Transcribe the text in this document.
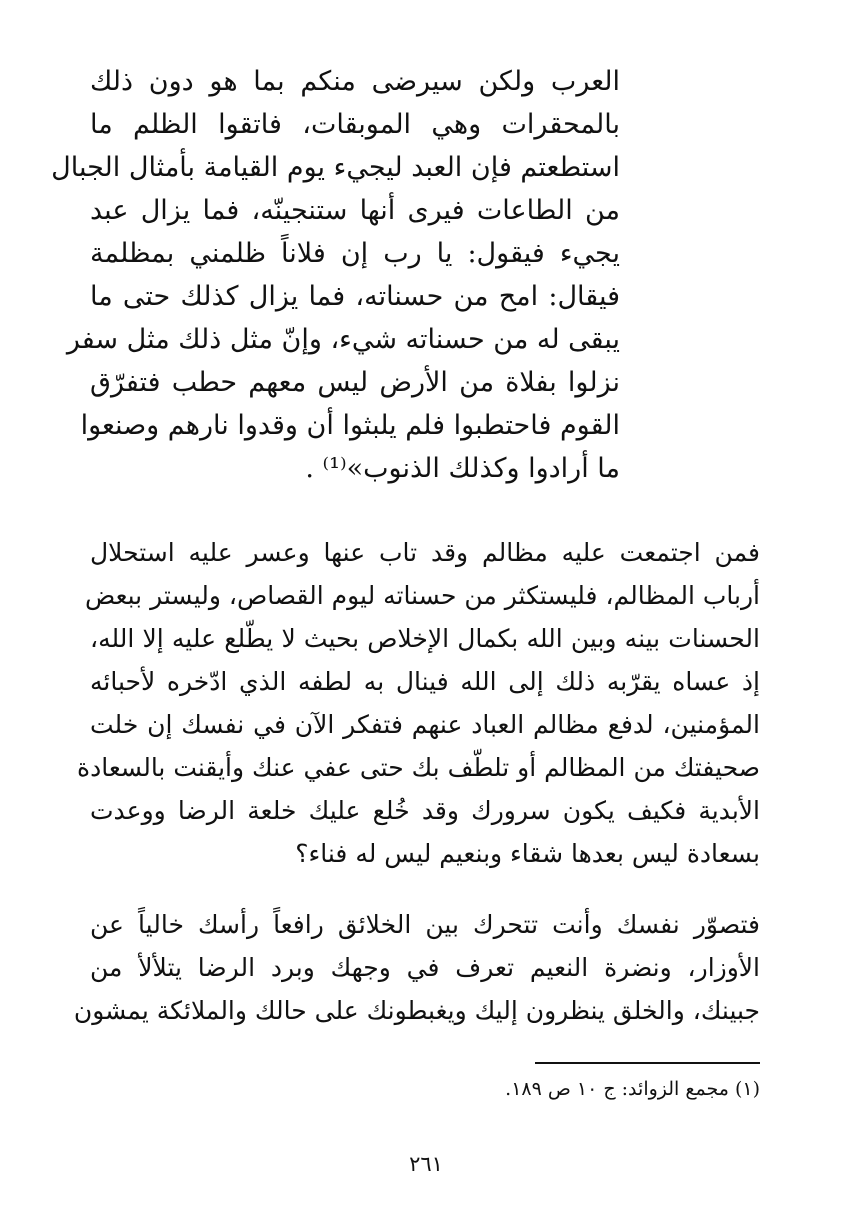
العرب ولكن سيرضى منكم بما هو دون ذلك
بالمحقرات وهي الموبقات، فاتقوا الظلم ما
استطعتم فإن العبد ليجيء يوم القيامة بأمثال الجبال
من الطاعات فيرى أنها ستنجينّه، فما يزال عبد
يجيء فيقول: يا رب إن فلاناً ظلمني بمظلمة
فيقال: امح من حسناته، فما يزال كذلك حتى ما
يبقى له من حسناته شيء، وإنّ مثل ذلك مثل سفر
نزلوا بفلاة من الأرض ليس معهم حطب فتفرّق
القوم فاحتطبوا فلم يلبثوا أن وقدوا نارهم وصنعوا
ما أرادوا وكذلك الذنوب»⁽¹⁾ .
فمن اجتمعت عليه مظالم وقد تاب عنها وعسر عليه استحلال
أرباب المظالم، فليستكثر من حسناته ليوم القصاص، وليستر ببعض
الحسنات بينه وبين الله بكمال الإخلاص بحيث لا يطّلع عليه إلا الله،
إذ عساه يقرّبه ذلك إلى الله فينال به لطفه الذي ادّخره لأحبائه
المؤمنين، لدفع مظالم العباد عنهم فتفكر الآن في نفسك إن خلت
صحيفتك من المظالم أو تلطّف بك حتى عفي عنك وأيقنت بالسعادة
الأبدية فكيف يكون سرورك وقد خُلع عليك خلعة الرضا ووعدت
بسعادة ليس بعدها شقاء وبنعيم ليس له فناء؟
فتصوّر نفسك وأنت تتحرك بين الخلائق رافعاً رأسك خالياً عن
الأوزار، ونضرة النعيم تعرف في وجهك وبرد الرضا يتلألأ من
جبينك، والخلق ينظرون إليك ويغبطونك على حالك والملائكة يمشون
(١) مجمع الزوائد: ج ١٠ ص ١٨٩.
٢٦١
